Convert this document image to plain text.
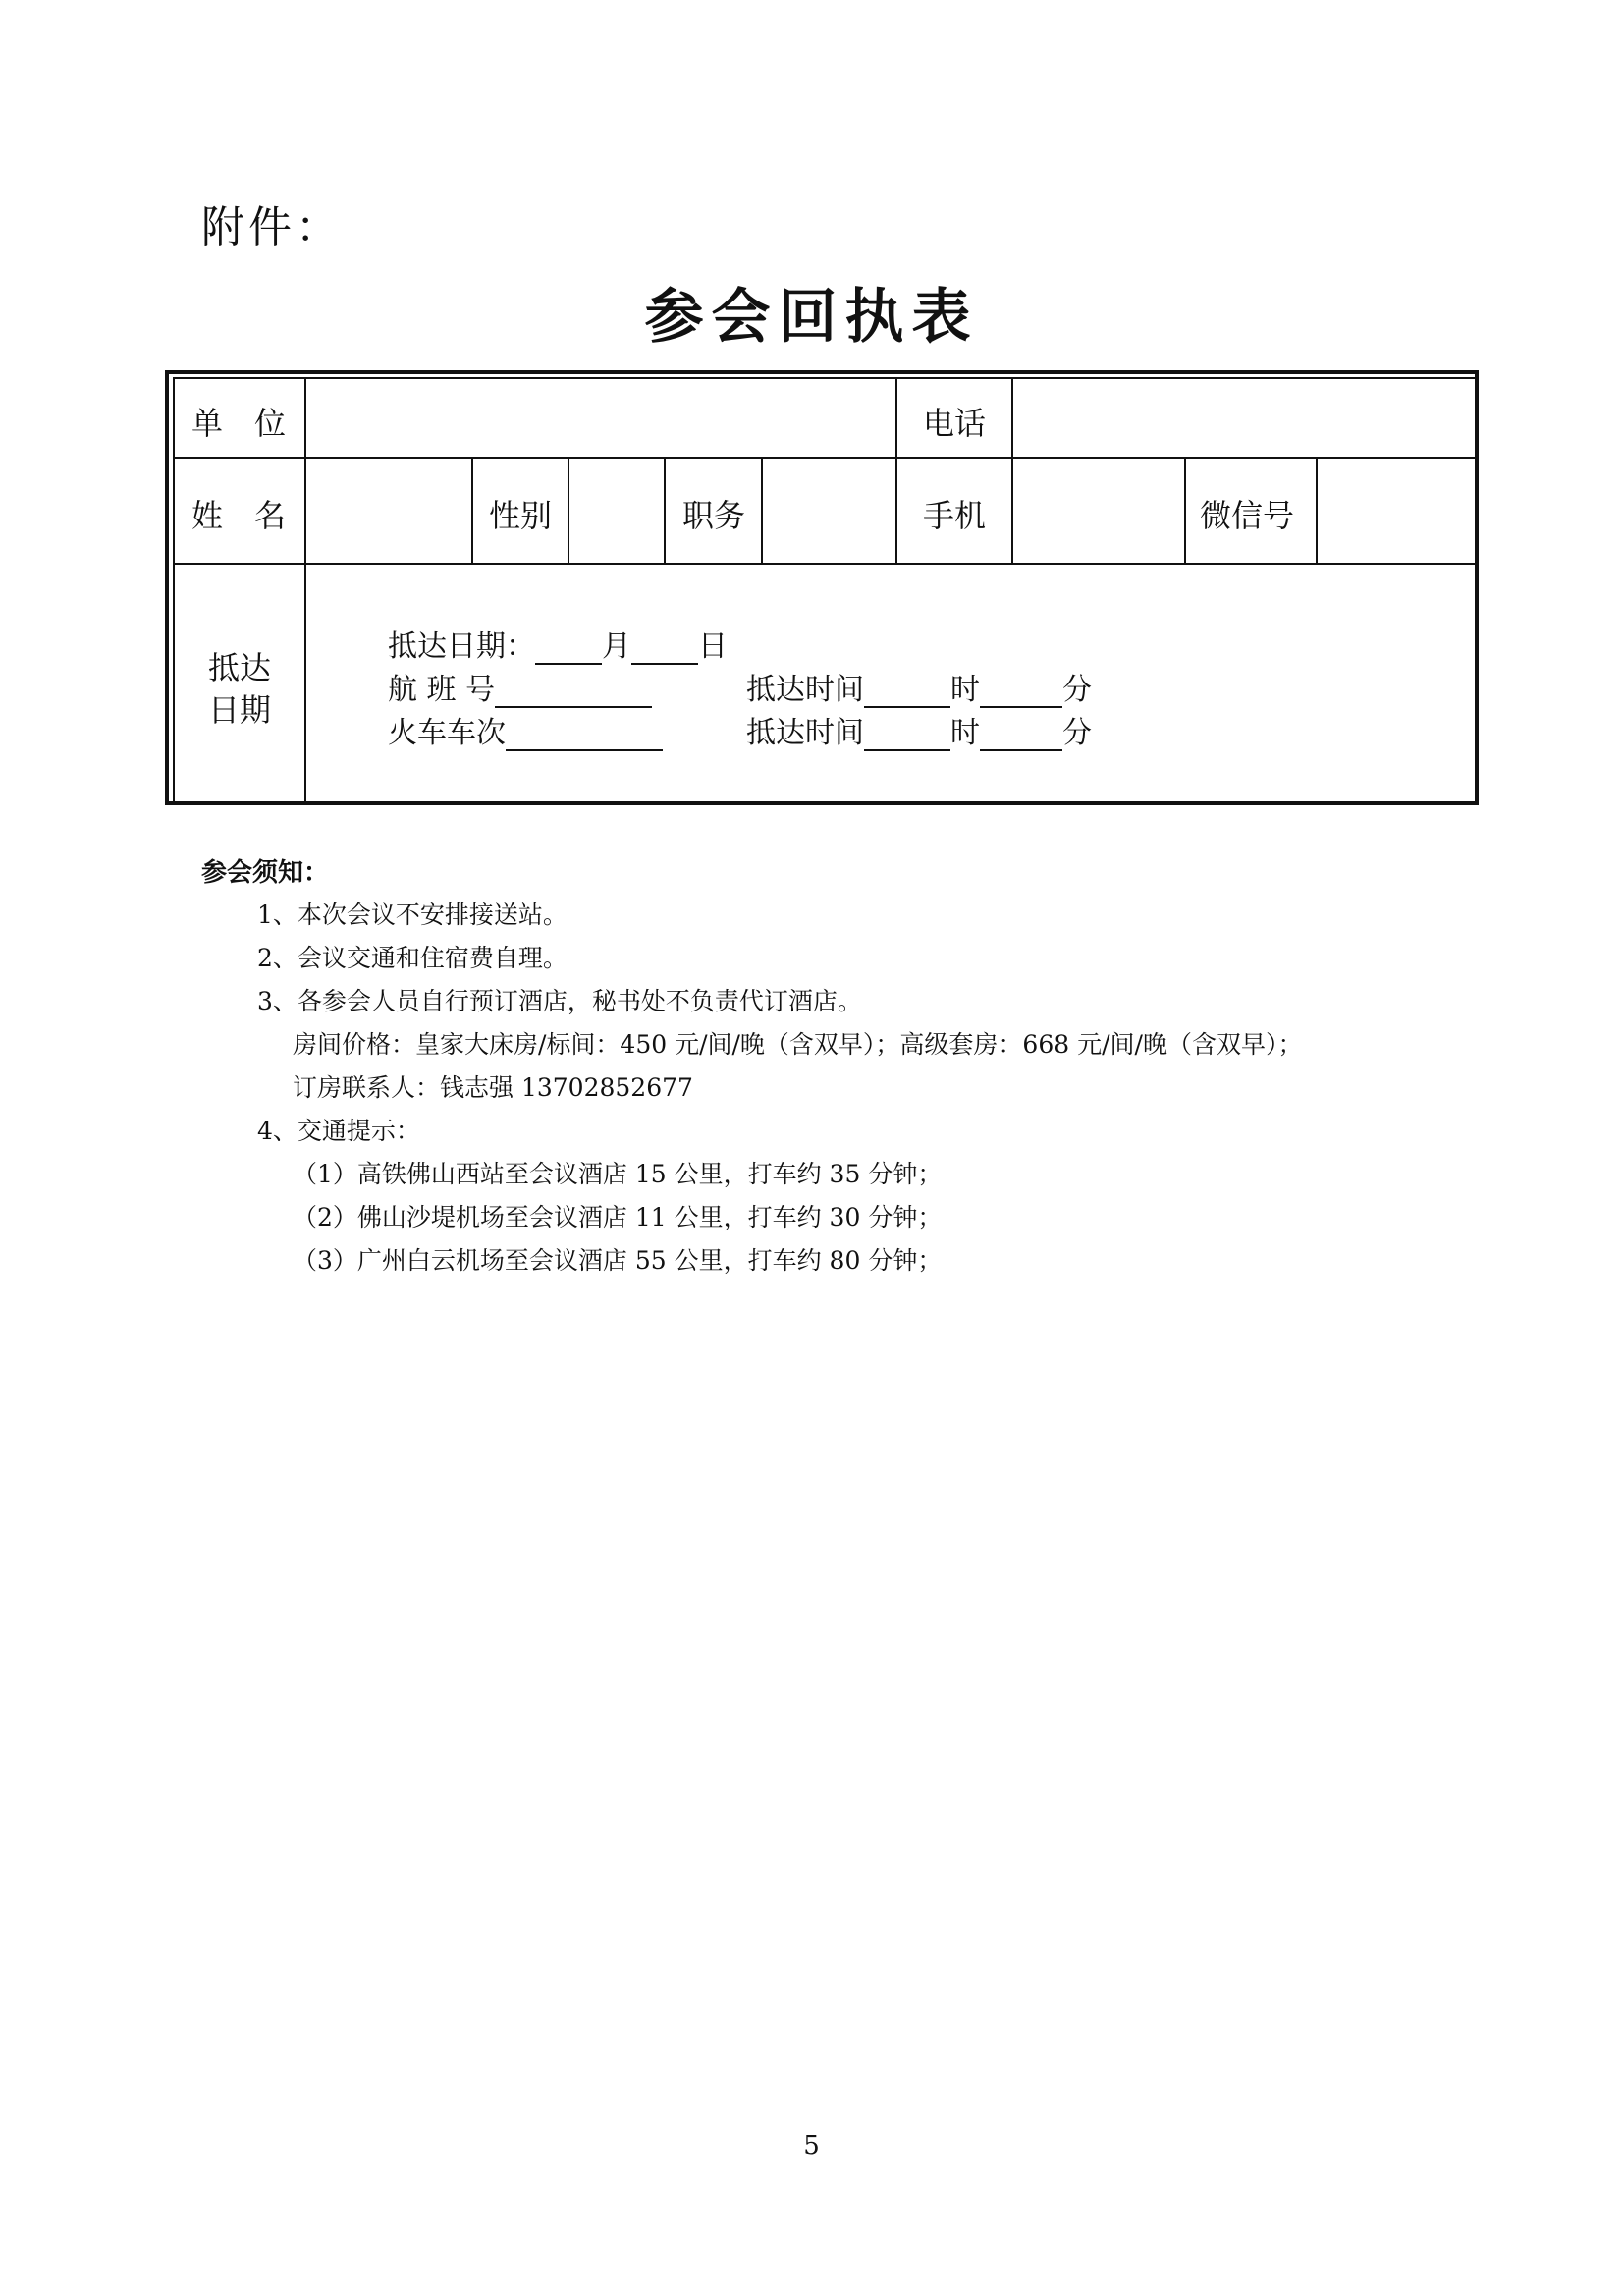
附件：
参会回执表
单　位	电话
姓　名	性别	职务	手机	微信号
抵达
日期
抵达日期： 月 日
航 班 号	抵达时间	时	分
火车车次	抵达时间	时	分
参会须知：
1、本次会议不安排接送站。
2、会议交通和住宿费自理。
3、各参会人员自行预订酒店，秘书处不负责代订酒店。
房间价格：皇家大床房/标间：450 元/间/晚（含双早）；高级套房：668 元/间/晚（含双早）；
订房联系人：钱志强 13702852677
4、交通提示：
（1）高铁佛山西站至会议酒店 15 公里，打车约 35 分钟；
（2）佛山沙堤机场至会议酒店 11 公里，打车约 30 分钟；
（3）广州白云机场至会议酒店 55 公里，打车约 80 分钟；
5
